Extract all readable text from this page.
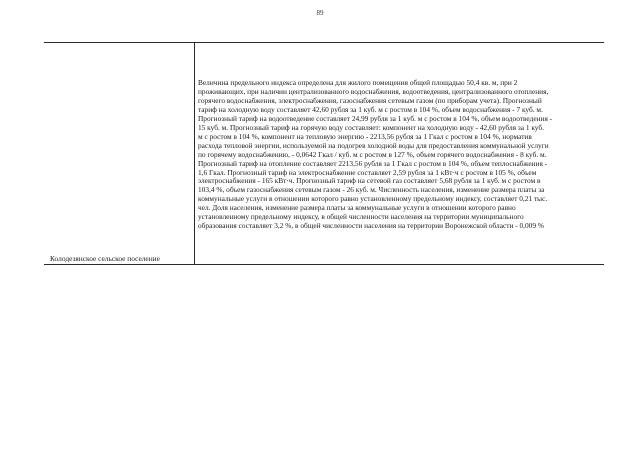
89
Колодезянское сельское поселение
Величина предельного индекса определена для жилого помещения общей площадью 50,4 кв. м, при 2
проживающих, при наличии централизованного водоснабжения, водоотведения, централизованного отопления,
горячего водоснабжения, электроснабжения, газоснабжения сетевым газом (по приборам учета). Прогнозный
тариф на холодную воду составляет 42,60 рубля за 1 куб. м с ростом в 104 %, объем водоснабжения - 7 куб. м.
Прогнозный тариф на водоотведение составляет 24,99 рубля за 1 куб. м с ростом в 104 %, объем водоотведения -
15 куб. м. Прогнозный тариф на горячую воду составляет: компонент на холодную воду - 42,60 рубля за 1 куб.
м с ростом в 104 %, компонент на тепловую энергию - 2213,56 рубля за 1 Гкал с ростом в 104 %, норматив
расхода тепловой энергии, используемой на подогрев холодной воды для предоставления коммунальной услуги
по горячему водоснабжению, - 0,0642 Гкал / куб. м с ростом в 127 %, объем горячего водоснабжения - 8 куб. м.
Прогнозный тариф на отопление составляет 2213,56 рубля за 1 Гкал с ростом в 104 %, объем теплоснабжения -
1,6 Гкал. Прогнозный тариф на электроснабжение составляет 2,59 рубля за 1 кВт·ч с ростом в 105 %, объем
электроснабжения - 165 кВт·ч. Прогнозный тариф на сетевой газ составляет 5,68 рубля за 1 куб. м с ростом в
103,4 %, объем газоснабжения сетевым газом - 26 куб. м. Численность населения, изменение размера платы за
коммунальные услуги в отношении которого равно установленному предельному индексу, составляет 0,21 тыс.
чел. Доля населения, изменение размера платы за коммунальные услуги в отношении которого равно
установленному предельному индексу, в общей численности населения на территории муниципального
образования составляет 3,2 %, в общей численности населения на территории Воронежской области - 0,009 %
